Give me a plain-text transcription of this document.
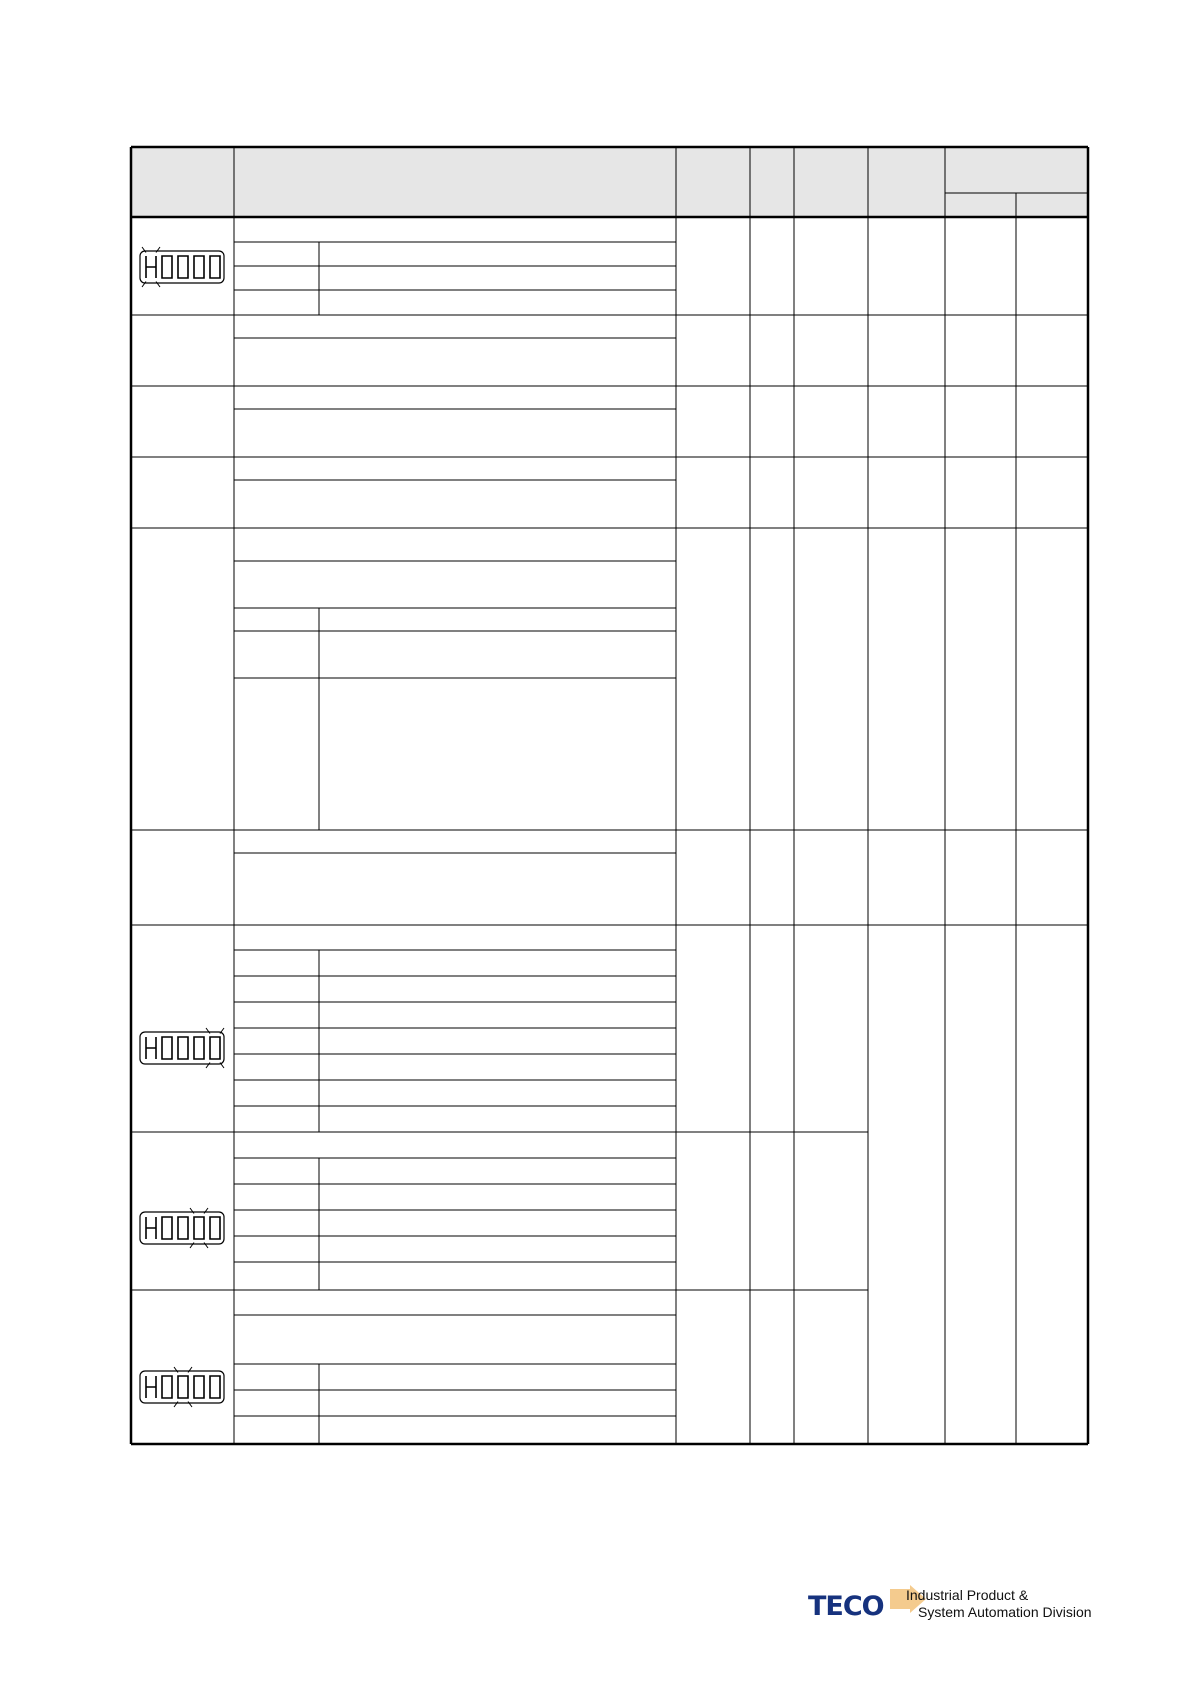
TECO Industrial Product &
System Automation Division
